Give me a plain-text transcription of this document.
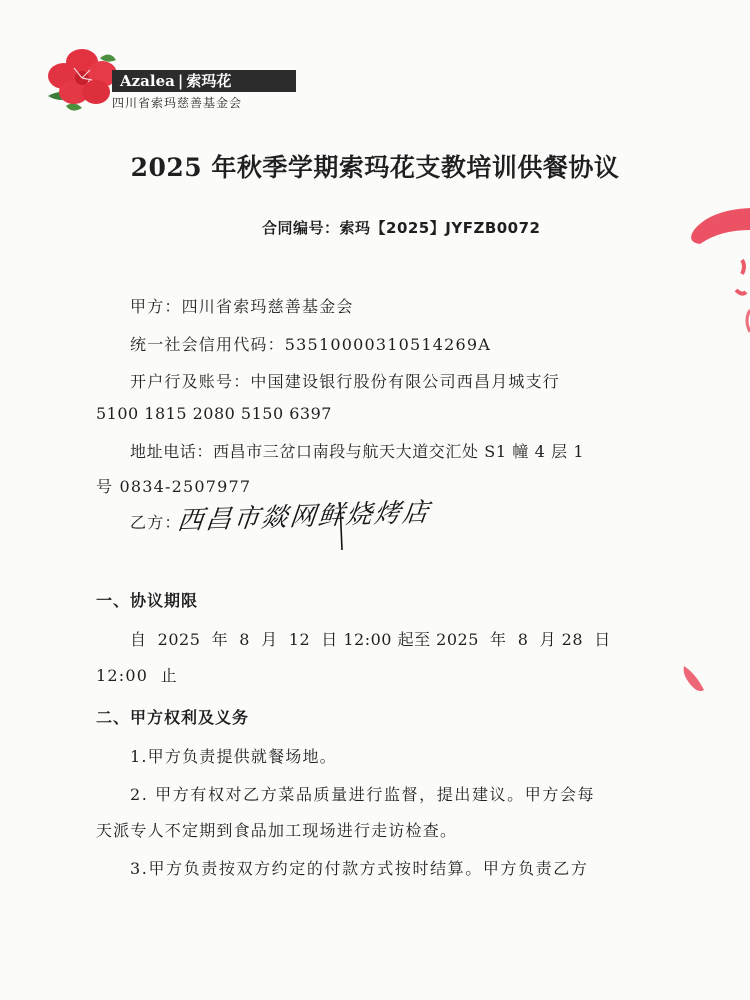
Azalea | 索玛花
四川省索玛慈善基金会
2025 年秋季学期索玛花支教培训供餐协议
合同编号：索玛【2025】JYFZB0072
甲方：四川省索玛慈善基金会
统一社会信用代码：53510000310514269A
开户行及账号：中国建设银行股份有限公司西昌月城支行
5100 1815 2080 5150 6397
地址电话：西昌市三岔口南段与航天大道交汇处 S1 幢 4 层 1
号 0834-2507977
乙方：
西昌市燚网鲜烧烤店
一、协议期限
自  2025  年  8  月  12  日 12:00 起至 2025  年  8  月 28  日
12:00  止
二、甲方权利及义务
1.甲方负责提供就餐场地。
2. 甲方有权对乙方菜品质量进行监督，提出建议。甲方会每
天派专人不定期到食品加工现场进行走访检查。
3.甲方负责按双方约定的付款方式按时结算。甲方负责乙方
